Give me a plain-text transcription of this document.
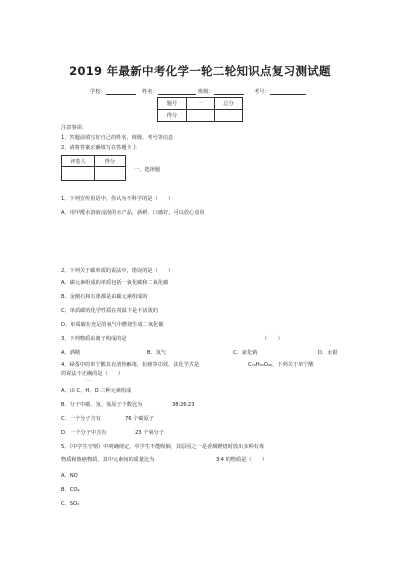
2019 年最新中考化学一轮二轮知识点复习测试题
学校：	姓名：	班级：	考号：
题号	一	总分
得分		
注意事项：
1、答题前填写好自己的姓名、班级、考号等信息
2、请将答案正确填写在答题卡上
评卷人	得分

一、选择题
1、下列宣传用语中，你认为不科学的是（　　）
A、用甲醛水溶液浸泡的水产品，新鲜、口感好，可以放心食用
2、下列关于碳单质的说法中，错误的是（　　）
A、碳元素组成的单质包括一氧化碳和二氧化碳
B、金刚石和石墨都是由碳元素组成的
C、单质碳的化学性质在常温下是不活泼的
D、单质碳在充足的氧气中燃烧生成二氧化碳
3、下列物质由离子构成的是	（　　）
A．酒精	B．氢气	C．氯化钠	D．水银
4、绿茶中的单宁酸具有清热解毒，抗癌等功效，其化学式是	C₇₆H₅₂O₄₆，下列关于单宁酸
的说法不正确的是（　　）
· · ·
A．由 C、H、O 三种元素组成
B．分子中碳、氢、氧原子个数比为	38∶26∶23
C．一个分子含有	76 个碳原子
D．一个分子中含有	23 个氧分子
5、《中学生守则》中明确规定，中学生不能吸烟，其原因之一是香烟燃烧时放出多种有毒
物质和致癌物质，其中元素间的质量比为	3∶4 的物质是（　　）
A．NO
B．CO₂
C．SO₂
